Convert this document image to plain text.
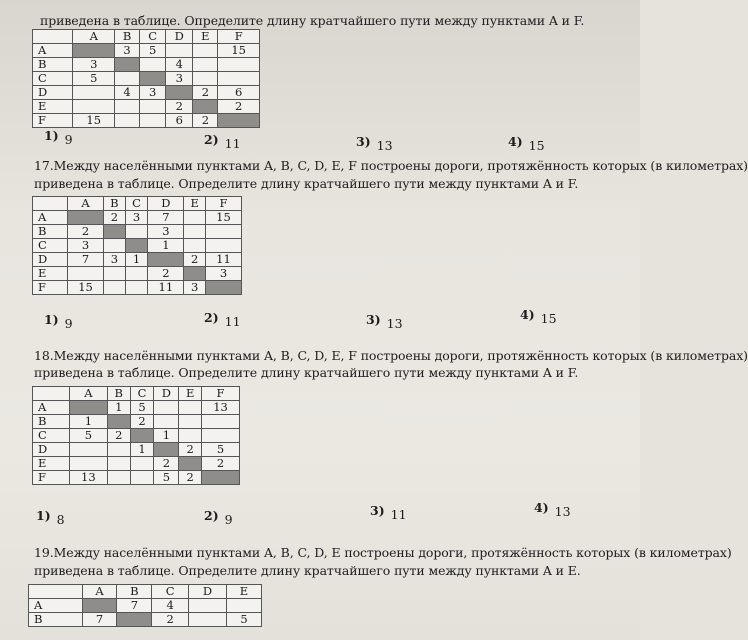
приведена в таблице. Определите длину кратчайшего пути между пунктами A и F.
	A	B	C	D	E	F
A		3	5			15
B	3			4		
C	5			3		
D		4	3		2	6
E				2		2
F	15			6	2	
1) 9	2) 11	3) 13	4) 15
17.Между населёнными пунктами A, B, C, D, E, F построены дороги, протяжённость которых (в километрах)
приведена в таблице. Определите длину кратчайшего пути между пунктами A и F.
	A	B	C	D	E	F
A		2	3	7		15
B	2			3		
C	3			1		
D	7	3	1		2	11
E				2		3
F	15			11	3	
1) 9	2) 11	3) 13
4) 15
18.Между населёнными пунктами A, B, C, D, E, F построены дороги, протяжённость которых (в километрах)
приведена в таблице. Определите длину кратчайшего пути между пунктами A и F.
	A	B	C	D	E	F
A		1	5			13
B	1		2			
C	5	2		1		
D			1		2	5
E				2		2
F	13			5	2	
1) 8	2) 9
3) 11	4) 13
19.Между населёнными пунктами A, B, C, D, E построены дороги, протяжённость которых (в километрах)
приведена в таблице. Определите длину кратчайшего пути между пунктами A и E.
	A	B	C	D	E
A		7	4		
B	7		2		5
